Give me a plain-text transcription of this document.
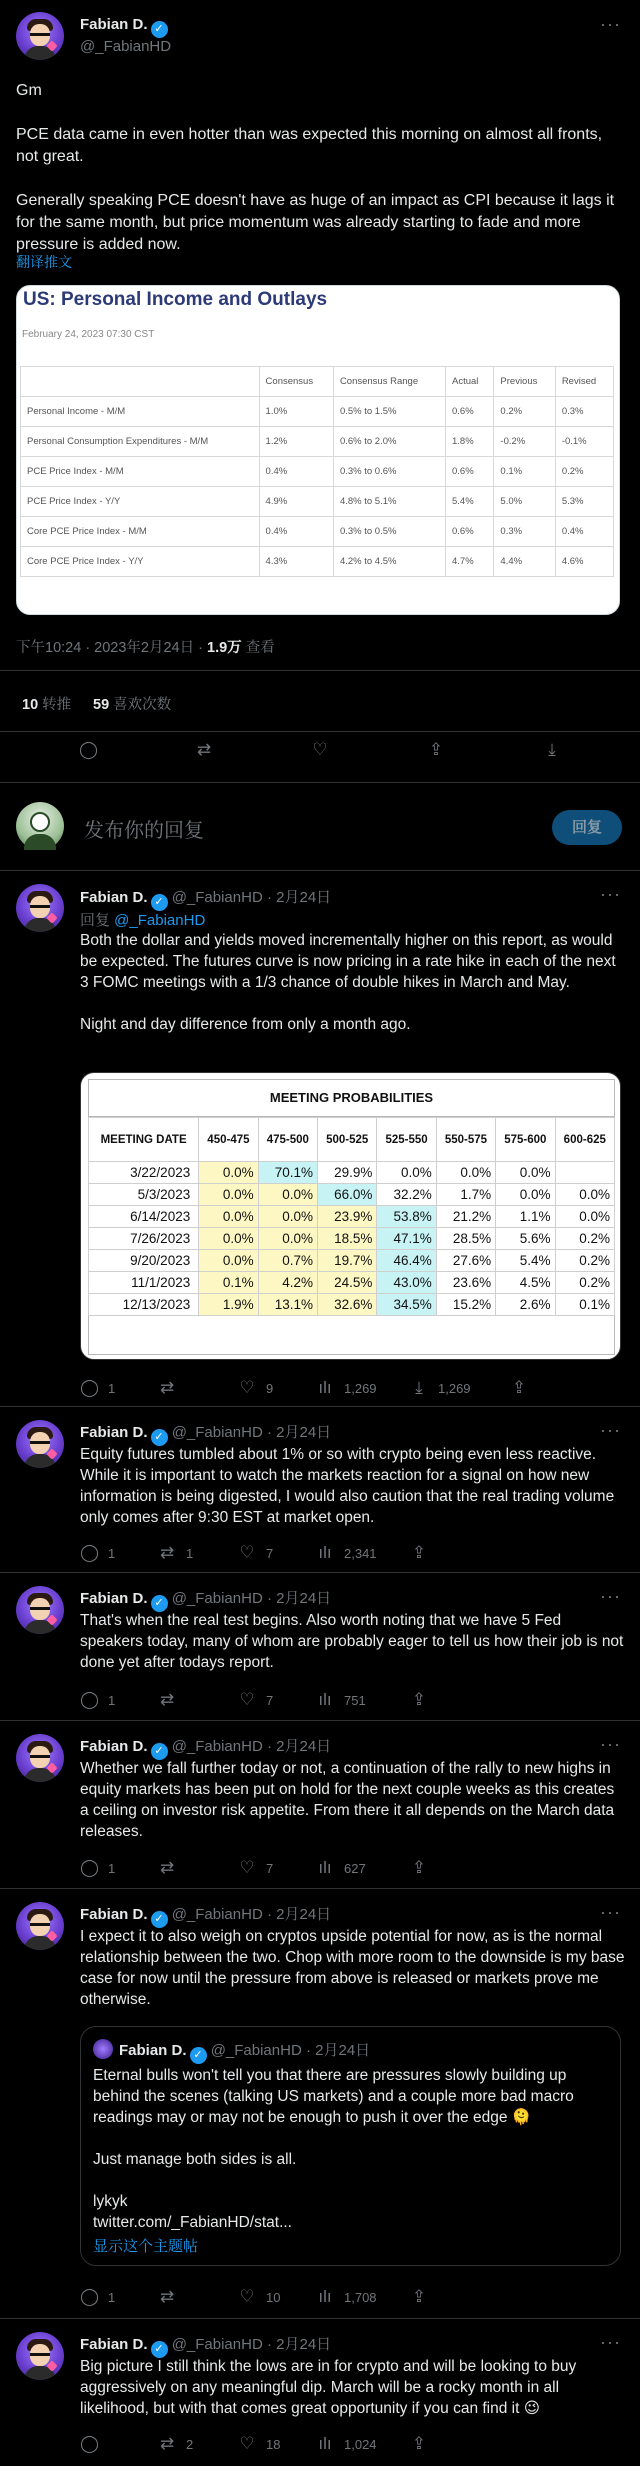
Fabian D. ✓
@_FabianHD
···
Gm

PCE data came in even hotter than was expected this morning on almost all fronts, not great.

Generally speaking PCE doesn't have as huge of an impact as CPI because it lags it for the same month, but price momentum was already starting to fade and more pressure is added now.
翻译推文
US: Personal Income and Outlays
February 24, 2023 07:30 CST
	Consensus	Consensus Range	Actual	Previous	Revised
Personal Income - M/M	1.0%	0.5% to 1.5%	0.6%	0.2%	0.3%
Personal Consumption Expenditures - M/M	1.2%	0.6% to 2.0%	1.8%	-0.2%	-0.1%
PCE Price Index - M/M	0.4%	0.3% to 0.6%	0.6%	0.1%	0.2%
PCE Price Index - Y/Y	4.9%	4.8% to 5.1%	5.4%	5.0%	5.3%
Core PCE Price Index - M/M	0.4%	0.3% to 0.5%	0.6%	0.3%	0.4%
Core PCE Price Index - Y/Y	4.3%	4.2% to 4.5%	4.7%	4.4%	4.6%
下午10:24 · 2023年2月24日 · 1.9万 查看
10 转推 59 喜欢次数
◯	⇄	♡	⇪	⤓
发布你的回复	回复
Fabian D. ✓ @_FabianHD · 2月24日	···
回复 @_FabianHD
Both the dollar and yields moved incrementally higher on this report, as would be expected. The futures curve is now pricing in a rate hike in each of the next 3 FOMC meetings with a 1/3 chance of double hikes in March and May.

Night and day difference from only a month ago.
MEETING PROBABILITIES
MEETING DATE	450-475	475-500	500-525	525-550	550-575	575-600	600-625
3/22/2023	0.0%	70.1%	29.9%	0.0%	0.0%	0.0%	
5/3/2023	0.0%	0.0%	66.0%	32.2%	1.7%	0.0%	0.0%
6/14/2023	0.0%	0.0%	23.9%	53.8%	21.2%	1.1%	0.0%
7/26/2023	0.0%	0.0%	18.5%	47.1%	28.5%	5.6%	0.2%
9/20/2023	0.0%	0.7%	19.7%	46.4%	27.6%	5.4%	0.2%
11/1/2023	0.1%	4.2%	24.5%	43.0%	23.6%	4.5%	0.2%
12/13/2023	1.9%	13.1%	32.6%	34.5%	15.2%	2.6%	0.1%
◯ 1	⇄	♡ 9	ılı 1,269	⤓	1,269 ⇪
Fabian D. ✓ @_FabianHD · 2月24日	···
Equity futures tumbled about 1% or so with crypto being even less reactive. While it is important to watch the markets reaction for a signal on how new information is being digested, I would also caution that the real trading volume only comes after 9:30 EST at market open.
◯ 1	⇄ 1	♡ 7	ılı 2,341 ⇪
Fabian D. ✓ @_FabianHD · 2月24日	···
That's when the real test begins. Also worth noting that we have 5 Fed speakers today, many of whom are probably eager to tell us how their job is not done yet after todays report.
◯ 1	⇄	♡ 7	ılı 751	⇪
Fabian D. ✓ @_FabianHD · 2月24日	···
Whether we fall further today or not, a continuation of the rally to new highs in equity markets has been put on hold for the next couple weeks as this creates a ceiling on investor risk appetite. From there it all depends on the March data releases.
◯ 1	⇄	♡ 7	ılı 627	⇪
Fabian D. ✓ @_FabianHD · 2月24日	···
I expect it to also weigh on cryptos upside potential for now, as is the normal relationship between the two. Chop with more room to the downside is my base case for now until the pressure from above is released or markets prove me otherwise.
Fabian D. ✓ @_FabianHD · 2月24日
Eternal bulls won't tell you that there are pressures slowly building up behind the scenes (talking US markets) and a couple more bad macro readings may or may not be enough to push it over the edge 🫠

Just manage both sides is all.

lykyk
twitter.com/_FabianHD/stat...
显示这个主题帖
◯ 1	⇄	♡ 10 ılı 1,708 ⇪
Fabian D. ✓ @_FabianHD · 2月24日	···
Big picture I still think the lows are in for crypto and will be looking to buy aggressively on any meaningful dip. March will be a rocky month in all likelihood, but with that comes great opportunity if you can find it 😉
◯	⇄ 2	♡ 18 ılı 1,024 ⇪
